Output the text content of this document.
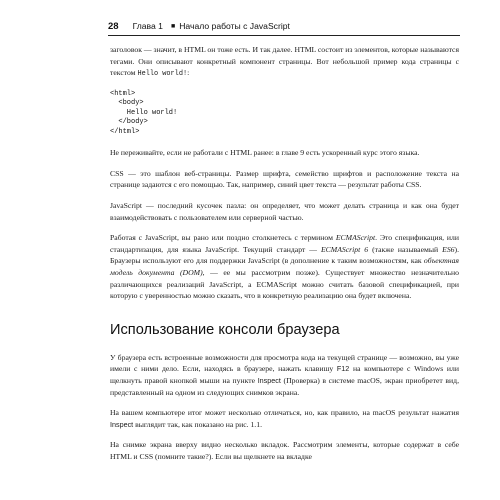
28 Глава 1 ■ Начало работы с JavaScript

заголовок — значит, в HTML он тоже есть. И так далее. HTML состоит из элементов, которые называются тегами. Они описывают конкретный компонент страницы. Вот небольшой пример кода страницы с текстом Hello world!:

<html>
<body>
Hello world!
</body>
</html>

Не переживайте, если не работали с HTML ранее: в главе 9 есть ускоренный курс этого языка.

CSS — это шаблон веб-страницы. Размер шрифта, семейство шрифтов и расположение текста на странице задаются с его помощью. Так, например, синий цвет текста — результат работы CSS.

JavaScript — последний кусочек пазла: он определяет, что может делать страница и как она будет взаимодействовать с пользователем или серверной частью.

Работая с JavaScript, вы рано или поздно столкнетесь с термином ECMAScript. Это спецификация, или стандартизация, для языка JavaScript. Текущий стандарт — ECMAScript 6 (также называемый ES6). Браузеры используют его для поддержки JavaScript (в дополнение к таким возможностям, как объектная модель документа (DOM), — ее мы рассмотрим позже). Существует множество незначительно различающихся реализаций JavaScript, а ECMAScript можно считать базовой спецификацией, при которую с уверенностью можно сказать, что в конкретную реализацию она будет включена.

Использование консоли браузера

У браузера есть встроенные возможности для просмотра кода на текущей странице — возможно, вы уже имели с ними дело. Если, находясь в браузере, нажать клавишу F12 на компьютере с Windows или щелкнуть правой кнопкой мыши на пункте Inspect (Проверка) в системе macOS, экран приобретет вид, представленный на одном из следующих снимков экрана.

На вашем компьютере итог может несколько отличаться, но, как правило, на macOS результат нажатия Inspect выглядит так, как показано на рис. 1.1.

На снимке экрана вверху видно несколько вкладок. Рассмотрим элементы, которые содержат в себе HTML и CSS (помните такие?). Если вы щелкнете на вкладке
